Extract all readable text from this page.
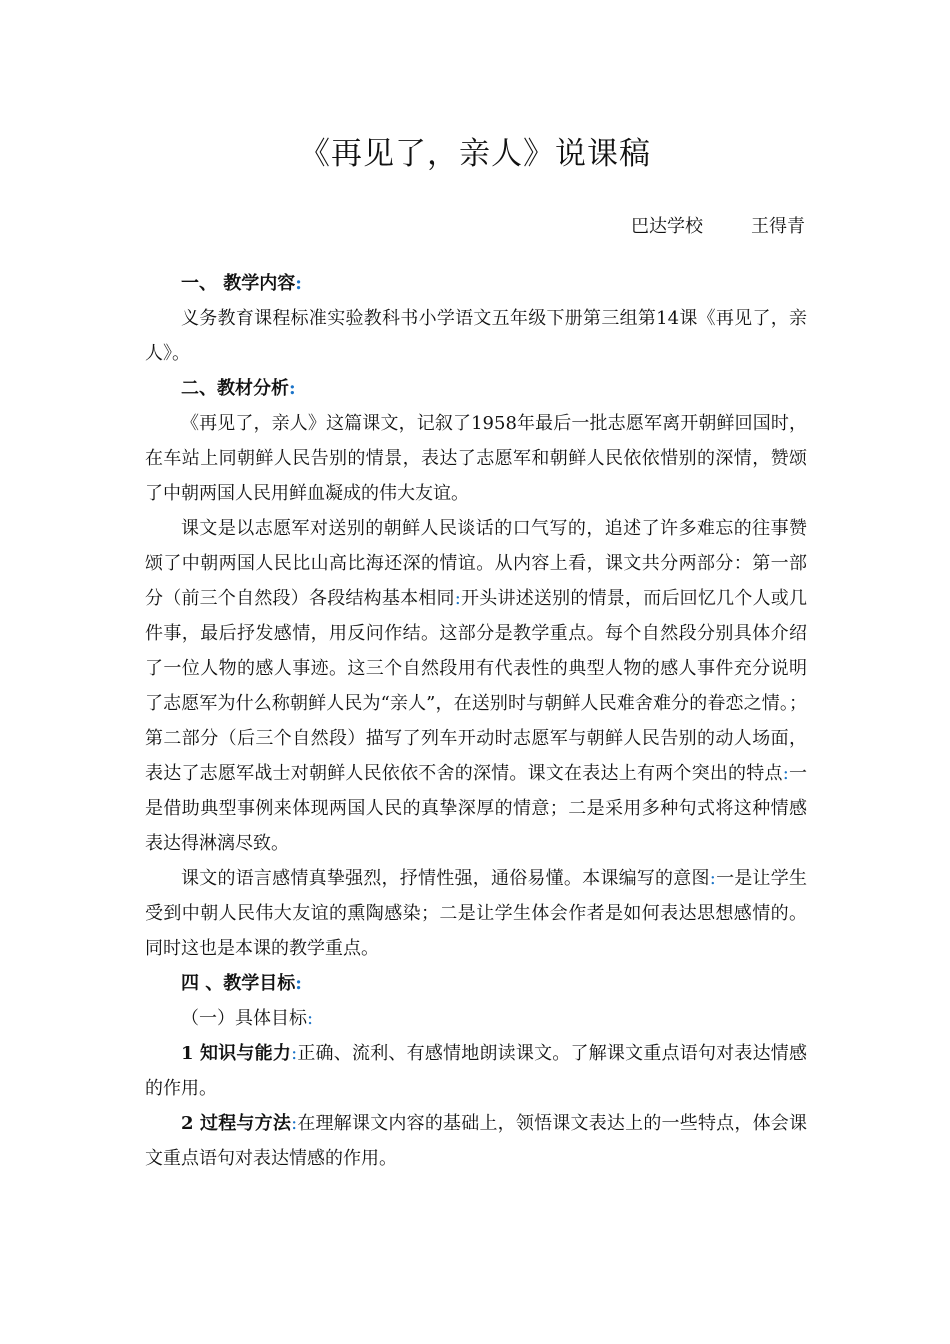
《再见了，亲人》说课稿
巴达学校	王得青

一、 教学内容:

义务教育课程标准实验教科书小学语文五年级下册第三组第14课《再见了，亲人》。

二、教材分析:

《再见了，亲人》这篇课文，记叙了1958年最后一批志愿军离开朝鲜回国时，在车站上同朝鲜人民告别的情景，表达了志愿军和朝鲜人民依依惜别的深情，赞颂了中朝两国人民用鲜血凝成的伟大友谊。

课文是以志愿军对送别的朝鲜人民谈话的口气写的，追述了许多难忘的往事赞颂了中朝两国人民比山高比海还深的情谊。从内容上看，课文共分两部分：第一部分（前三个自然段）各段结构基本相同:开头讲述送别的情景，而后回忆几个人或几件事，最后抒发感情，用反问作结。这部分是教学重点。每个自然段分别具体介绍了一位人物的感人事迹。这三个自然段用有代表性的典型人物的感人事件充分说明了志愿军为什么称朝鲜人民为“亲人”，在送别时与朝鲜人民难舍难分的眷恋之情。；第二部分（后三个自然段）描写了列车开动时志愿军与朝鲜人民告别的动人场面，表达了志愿军战士对朝鲜人民依依不舍的深情。课文在表达上有两个突出的特点:一是借助典型事例来体现两国人民的真挚深厚的情意；二是采用多种句式将这种情感表达得淋漓尽致。

课文的语言感情真挚强烈，抒情性强，通俗易懂。本课编写的意图:一是让学生受到中朝人民伟大友谊的熏陶感染；二是让学生体会作者是如何表达思想感情的。同时这也是本课的教学重点。

四 、教学目标:

（一）具体目标:

1 知识与能力:正确、流利、有感情地朗读课文。了解课文重点语句对表达情感的作用。

2 过程与方法:在理解课文内容的基础上，领悟课文表达上的一些特点，体会课文重点语句对表达情感的作用。
